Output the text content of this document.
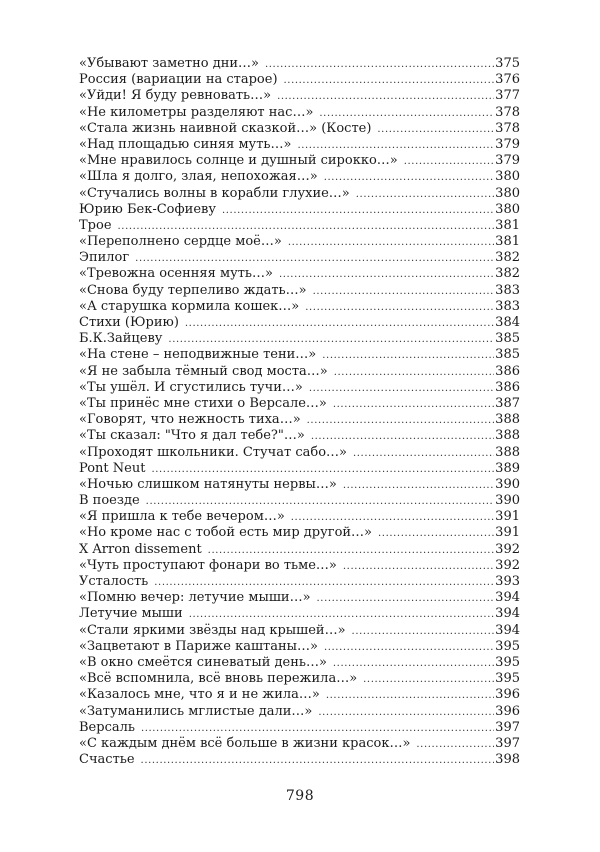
«Убывают заметно дни…» .....	375
Россия (вариации на старое) .....	376
«Уйди! Я буду ревновать…» .....	377
«Не километры разделяют нас…» .....	378
«Стала жизнь наивной сказкой…» (Косте) .....	378
«Над площадью синяя муть…» .....	379
«Мне нравилось солнце и душный сирокко…» .....	379
«Шла я долго, злая, непохожая…» .....	380
«Стучались волны в корабли глухие…» .....	380
Юрию Бек-Софиеву .....	380
Трое .....	381
«Переполнено сердце моё…» .....	381
Эпилог .....	382
«Тревожна осенняя муть…» .....	382
«Снова буду терпеливо ждать…» .....	383
«А старушка кормила кошек…» .....	383
Стихи (Юрию) .....	384
Б.К.Зайцеву .....	385
«На стене – неподвижные тени…» .....	385
«Я не забыла тёмный свод моста…» .....	386
«Ты ушёл. И сгустились тучи…» .....	386
«Ты принёс мне стихи о Версале…» .....	387
«Говорят, что нежность тиха…» .....	388
«Ты сказал: "Что я дал тебе?"…» .....	388
«Проходят школьники. Стучат сабо…» .....	388
Pont Neut .....	389
«Ночью слишком натянуты нервы…» .....	390
В поезде .....	390
«Я пришла к тебе вечером…» .....	391
«Но кроме нас с тобой есть мир другой…» .....	391
X Arron dissement .....	392
«Чуть проступают фонари во тьме…» .....	392
Усталость .....	393
«Помню вечер: летучие мыши…» .....	394
Летучие мыши .....	394
«Стали яркими звёзды над крышей…» .....	394
«Зацветают в Париже каштаны…» .....	395
«В окно смеётся синеватый день…» .....	395
«Всё вспомнила, всё вновь пережила…» .....	395
«Казалось мне, что я и не жила…» .....	396
«Затуманились мглистые дали…» .....	396
Версаль .....	397
«С каждым днём всё больше в жизни красок…» .....	397
Счастье .....	398
798
